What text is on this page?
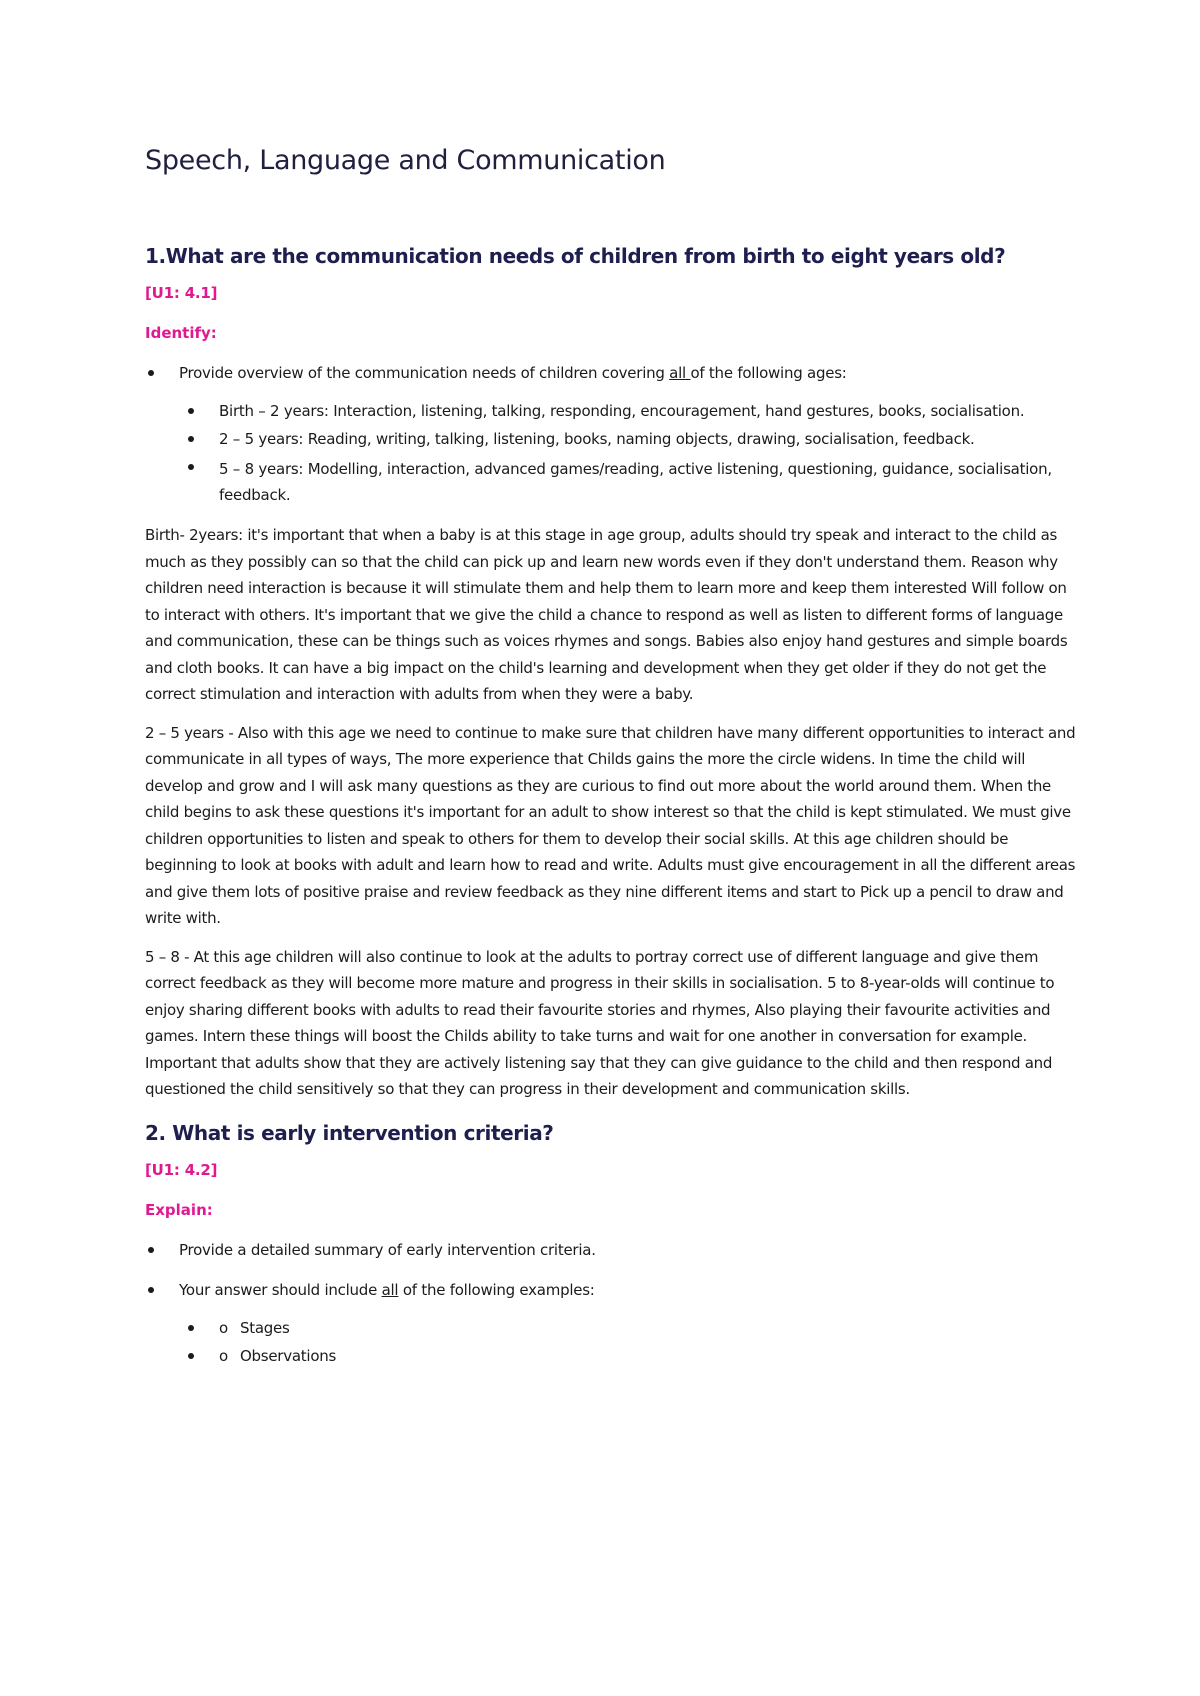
Speech, Language and Communication
1.What are the communication needs of children from birth to eight years old?
[U1: 4.1]
Identify:
Provide overview of the communication needs of children covering all of the following ages:
Birth – 2 years: Interaction, listening, talking, responding, encouragement, hand gestures, books, socialisation.
2 – 5 years: Reading, writing, talking, listening, books, naming objects, drawing, socialisation, feedback.
5 – 8 years: Modelling, interaction, advanced games/reading, active listening, questioning, guidance, socialisation, feedback.

Birth- 2years: it's important that when a baby is at this stage in age group, adults should try speak and interact to the child as much as they possibly can so that the child can pick up and learn new words even if they don't understand them. Reason why children need interaction is because it will stimulate them and help them to learn more and keep them interested Will follow on to interact with others. It's important that we give the child a chance to respond as well as listen to different forms of language and communication, these can be things such as voices rhymes and songs. Babies also enjoy hand gestures and simple boards and cloth books. It can have a big impact on the child's learning and development when they get older if they do not get the correct stimulation and interaction with adults from when they were a baby.

2 – 5 years - Also with this age we need to continue to make sure that children have many different opportunities to interact and communicate in all types of ways, The more experience that Childs gains the more the circle widens. In time the child will develop and grow and I will ask many questions as they are curious to find out more about the world around them. When the child begins to ask these questions it's important for an adult to show interest so that the child is kept stimulated. We must give children opportunities to listen and speak to others for them to develop their social skills. At this age children should be beginning to look at books with adult and learn how to read and write. Adults must give encouragement in all the different areas and give them lots of positive praise and review feedback as they nine different items and start to Pick up a pencil to draw and write with.

5 – 8 - At this age children will also continue to look at the adults to portray correct use of different language and give them correct feedback as they will become more mature and progress in their skills in socialisation. 5 to 8-year-olds will continue to enjoy sharing different books with adults to read their favourite stories and rhymes, Also playing their favourite activities and games. Intern these things will boost the Childs ability to take turns and wait for one another in conversation for example. Important that adults show that they are actively listening say that they can give guidance to the child and then respond and questioned the child sensitively so that they can progress in their development and communication skills.

2. What is early intervention criteria?
[U1: 4.2]
Explain:
Provide a detailed summary of early intervention criteria.
Your answer should include all of the following examples:
o Stages
o Observations
